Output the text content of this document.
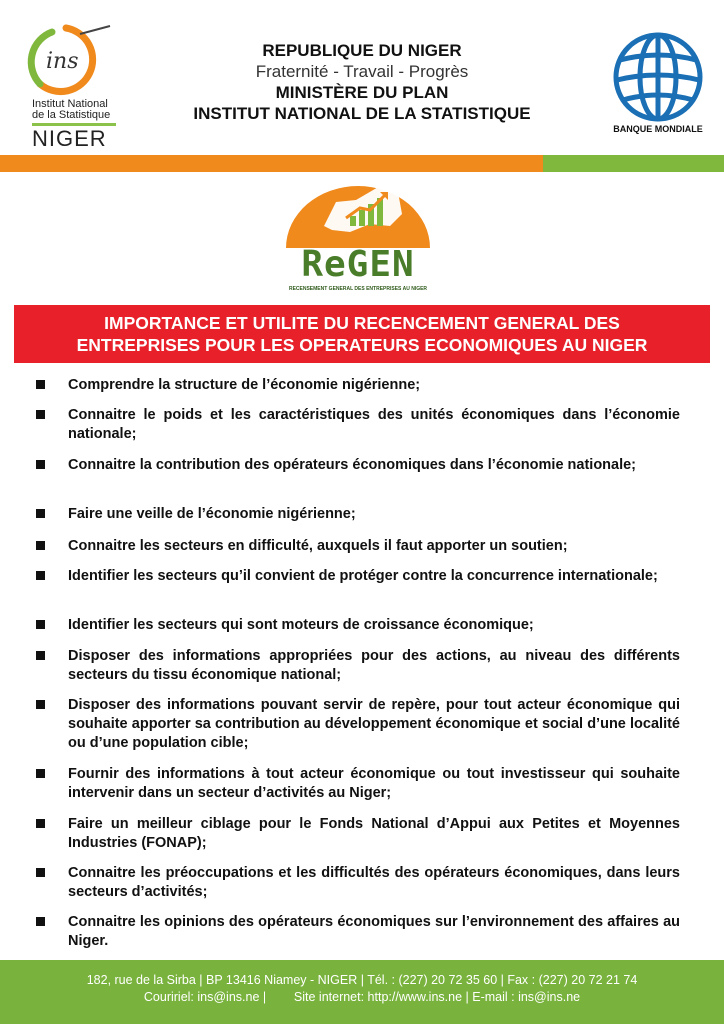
ins
Institut National
de la Statistique
NIGER
REPUBLIQUE DU NIGER
Fraternité - Travail - Progrès
MINISTÈRE DU PLAN
INSTITUT NATIONAL DE LA STATISTIQUE
BANQUE MONDIALE
ReGEN
RECENSEMENT GENERAL DES ENTREPRISES AU NIGER
IMPORTANCE ET UTILITE DU RECENCEMENT GENERAL DES
ENTREPRISES POUR LES OPERATEURS ECONOMIQUES AU NIGER
Comprendre la structure de l’économie nigérienne;
Connaitre le poids et les caractéristiques des unités économiques dans l’économie nationale;
Connaitre la contribution des opérateurs économiques dans l’économie nationale;
Faire une veille de l’économie nigérienne;
Connaitre les secteurs en difficulté, auxquels il faut apporter un soutien;
Identifier les secteurs qu’il convient de protéger contre la concurrence internationale;
Identifier les secteurs qui sont moteurs de croissance économique;
Disposer des informations appropriées pour des actions, au niveau des différents secteurs du tissu économique national;
Disposer des informations pouvant servir de repère, pour tout acteur économique qui souhaite apporter sa contribution au développement économique et social d’une localité ou d’une population cible;
Fournir des informations à tout acteur économique ou tout investisseur qui souhaite intervenir dans un secteur d’activités au Niger;
Faire un meilleur ciblage pour le Fonds National d’Appui aux Petites et Moyennes Industries (FONAP);
Connaitre les préoccupations et les difficultés des opérateurs économiques, dans leurs secteurs d’activités;
Connaitre les opinions des opérateurs économiques sur l’environnement des affaires au Niger.
182, rue de la Sirba | BP 13416 Niamey - NIGER | Tél. : (227) 20 72 35 60 | Fax : (227) 20 72 21 74
Couririel: ins@ins.ne |        Site internet: http://www.ins.ne | E-mail : ins@ins.ne
